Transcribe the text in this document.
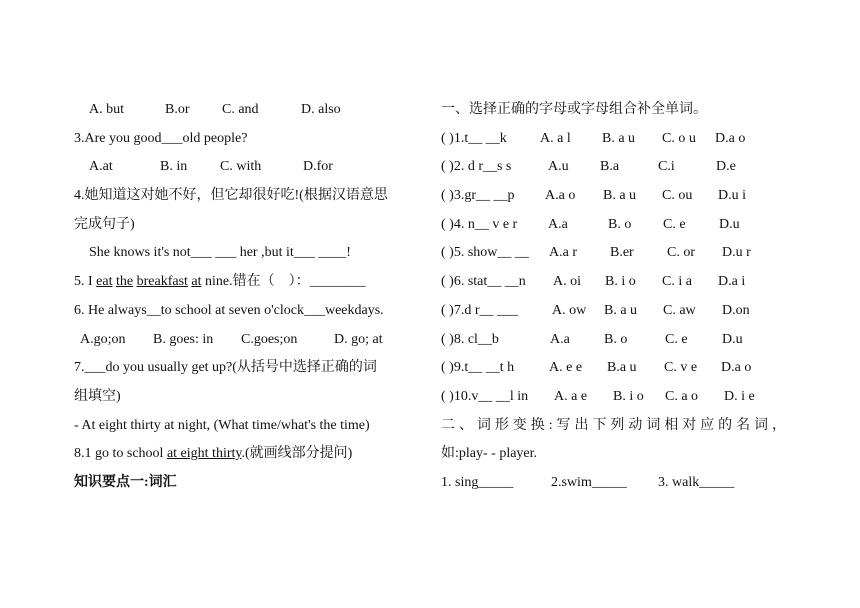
A. but	B.or C. and	D. also
3.Are you good___old people?
A.at	B. in C. with	D.for
4.她知道这对她不好，但它却很好吃!(根据汉语意思
完成句子)
She knows it's not___ ___ her ,but it___ ____!
5. I eat the breakfast at nine.错在（　）：________
6. He always__to school at seven o'clock___weekdays.
A.go;on B. goes: in C.goes;on	D. go; at
7.___do you usually get up?(从括号中选择正确的词
组填空)
- At eight thirty at night, (What time/what's the time)
8.1 go to school at eight thirty.(就画线部分提问)
知识要点一:词汇
一、选择正确的字母或字母组合补全单词。
( )1.t__ __k A. a l B. a u C. o u D.a o
( )2. d r__s s	A.u B.a	C.i	D.e
( )3.gr__ __p A.a o B. a u C. ou D.u i
( )4. n__ v e r A.a	B. o C. e D.u
( )5. show__ __ A.a r B.er C. or D.u r
( )6. stat__ __n A. oi B. i o C. i a D.a i
( )7.d r__ ___ A. ow B. a u C. aw D.on
( )8. cl__b	A.a B. o	C. e D.u
( )9.t__ __t h A. e e B.a u C. v e D.a o
( )10.v__ __l in A. a e B. i o C. a o D. i e
二、词形变换:写出下列动词相对应的名词，
如:play- - player.
1. sing_____	2.swim_____ 3. walk_____
